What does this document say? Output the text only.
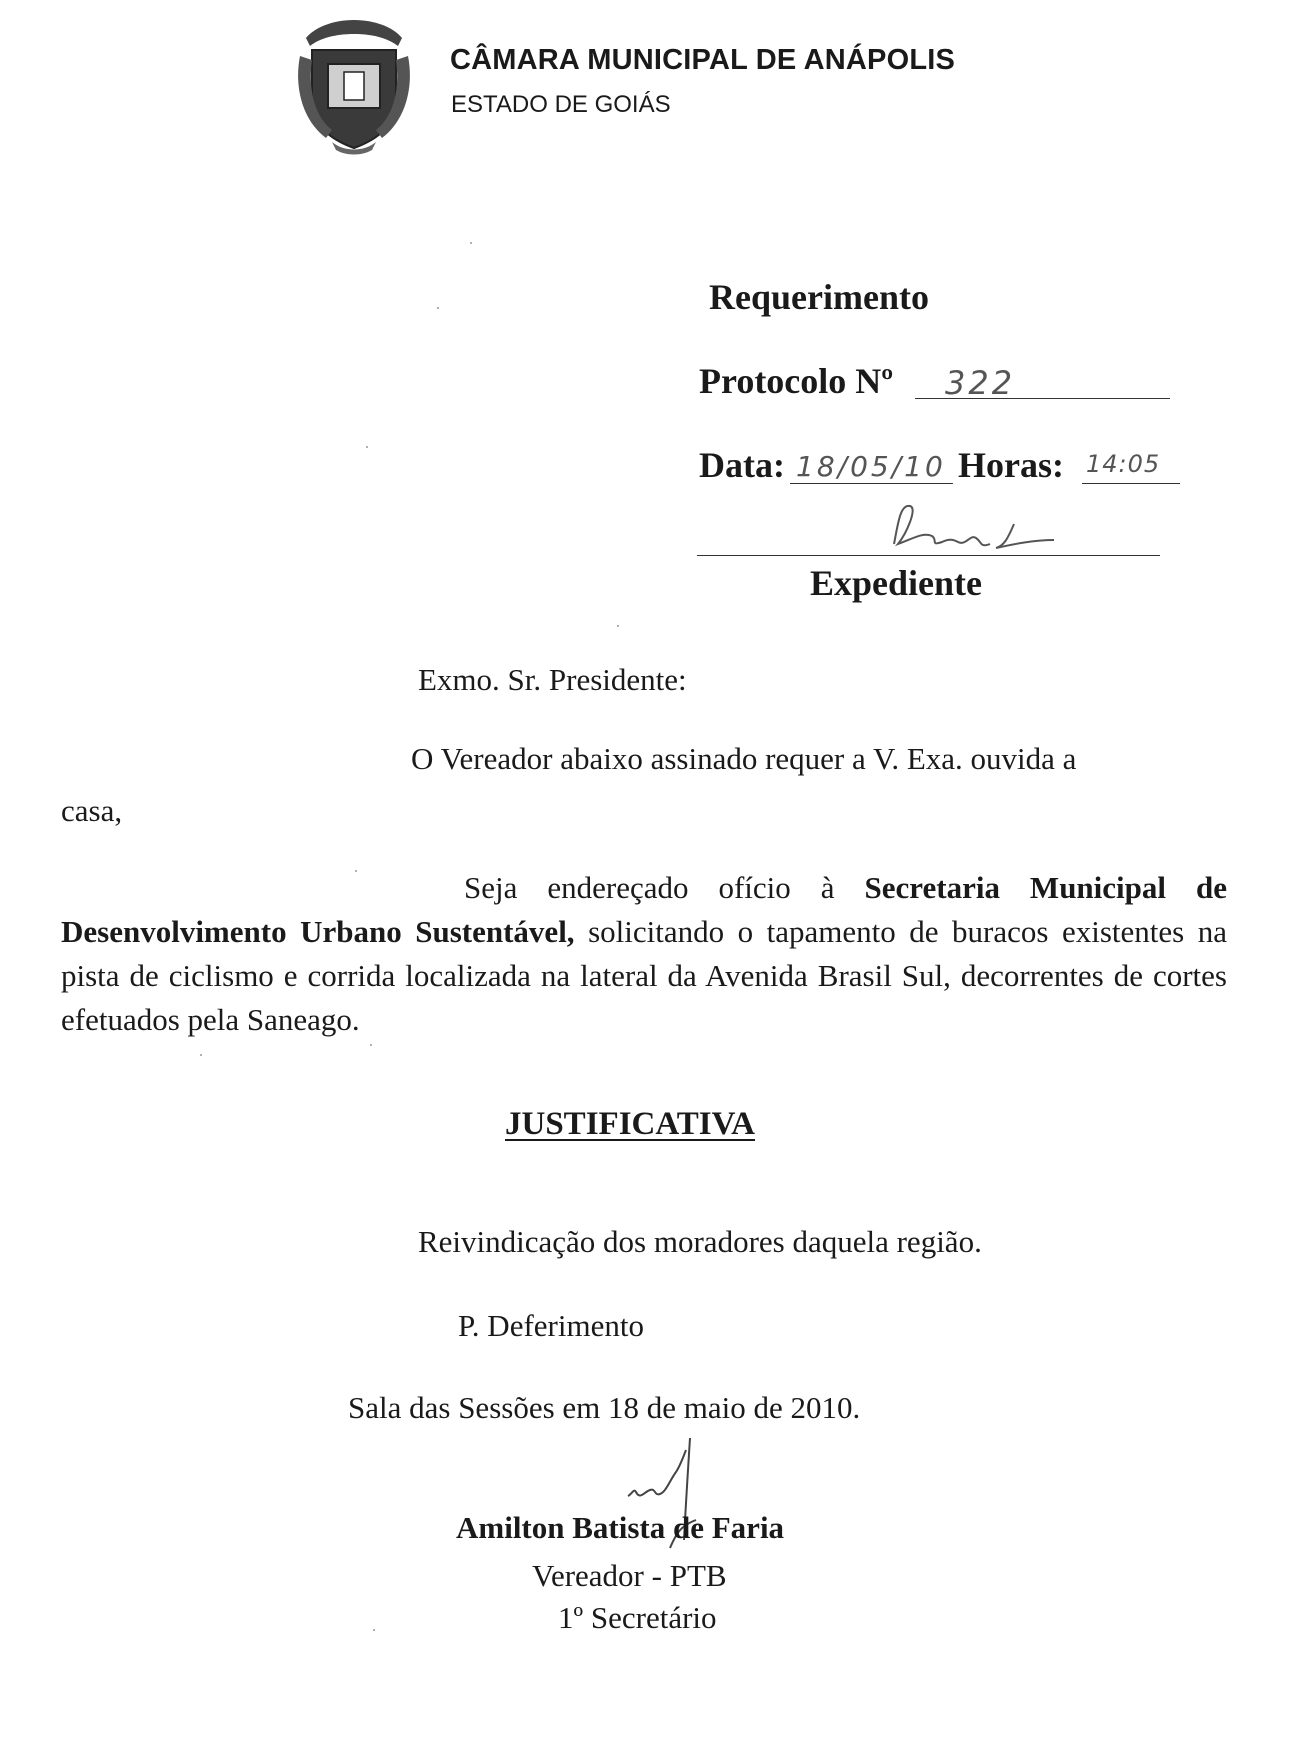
CÂMARA MUNICIPAL DE ANÁPOLIS
ESTADO DE GOIÁS
Requerimento
Protocolo Nº 322
Data: 18/05/10 Horas: 14:05
Expediente
Exmo. Sr. Presidente:
O Vereador abaixo assinado requer a V. Exa. ouvida a
casa,
Seja endereçado ofício à Secretaria Municipal de Desenvolvimento Urbano Sustentável, solicitando o tapamento de buracos existentes na pista de ciclismo e corrida localizada na lateral da Avenida Brasil Sul, decorrentes de cortes efetuados pela Saneago.
JUSTIFICATIVA
Reivindicação dos moradores daquela região.
P. Deferimento
Sala das Sessões em 18 de maio de 2010.
Amilton Batista de Faria
Vereador - PTB
1º Secretário
